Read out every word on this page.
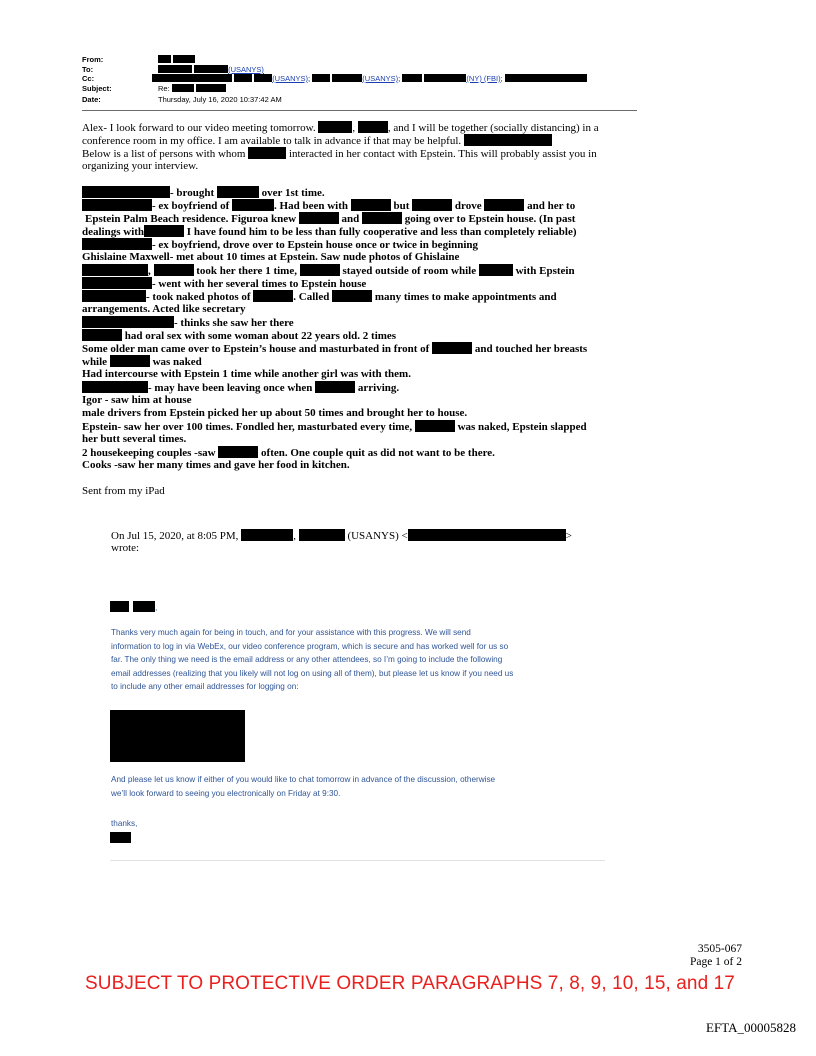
From:

To:	(USANYS)
Cc:	(USANYS);	(USANYS);	(NY) (FBI);
Subject:	Re:
Date:	Thursday, July 16, 2020 10:37:42 AM
Alex- I look forward to our video meeting tomorrow.	,	, and I will be together (socially distancing) in a
conference room in my office. I am available to talk in advance if that may be helpful.
Below is a list of persons with whom	interacted in her contact with Epstein. This will probably assist you in
organizing your interview.
- brought	over 1st time.
- ex boyfriend of	. Had been with	but	drove	and her to
Epstein Palm Beach residence. Figuroa knew	and	going over to Epstein house. (In past
dealings with	I have found him to be less than fully cooperative and less than completely reliable)
- ex boyfriend, drove over to Epstein house once or twice in beginning
Ghislaine Maxwell- met about 10 times at Epstein. Saw nude photos of Ghislaine
,	took her there 1 time,	stayed outside of room while	with Epstein
- went with her several times to Epstein house
- took naked photos of	. Called	many times to make appointments and
arrangements. Acted like secretary
- thinks she saw her there
had oral sex with some woman about 22 years old. 2 times
Some older man came over to Epstein’s house and masturbated in front of	and touched her breasts
while	was naked
Had intercourse with Epstein 1 time while another girl was with them.
- may have been leaving once when	arriving.
Igor - saw him at house
male drivers from Epstein picked her up about 50 times and brought her to house.
Epstein- saw her over 100 times. Fondled her, masturbated every time,	was naked, Epstein slapped
her butt several times.
2 housekeeping couples -saw	often. One couple quit as did not want to be there.
Cooks -saw her many times and gave her food in kitchen.
Sent from my iPad
On Jul 15, 2020, at 8:05 PM,	,	(USANYS) <	>
wrote:
,
Thanks very much again for being in touch, and for your assistance with this progress. We will send
information to log in via WebEx, our video conference program, which is secure and has worked well for us so
far. The only thing we need is the email address or any other attendees, so I’m going to include the following
email addresses (realizing that you likely will not log on using all of them), but please let us know if you need us
to include any other email addresses for logging on:
And please let us know if either of you would like to chat tomorrow in advance of the discussion, otherwise
we’ll look forward to seeing you electronically on Friday at 9:30.
thanks,
3505-067
Page 1 of 2
SUBJECT TO PROTECTIVE ORDER PARAGRAPHS 7, 8, 9, 10, 15, and 17
EFTA_00005828
